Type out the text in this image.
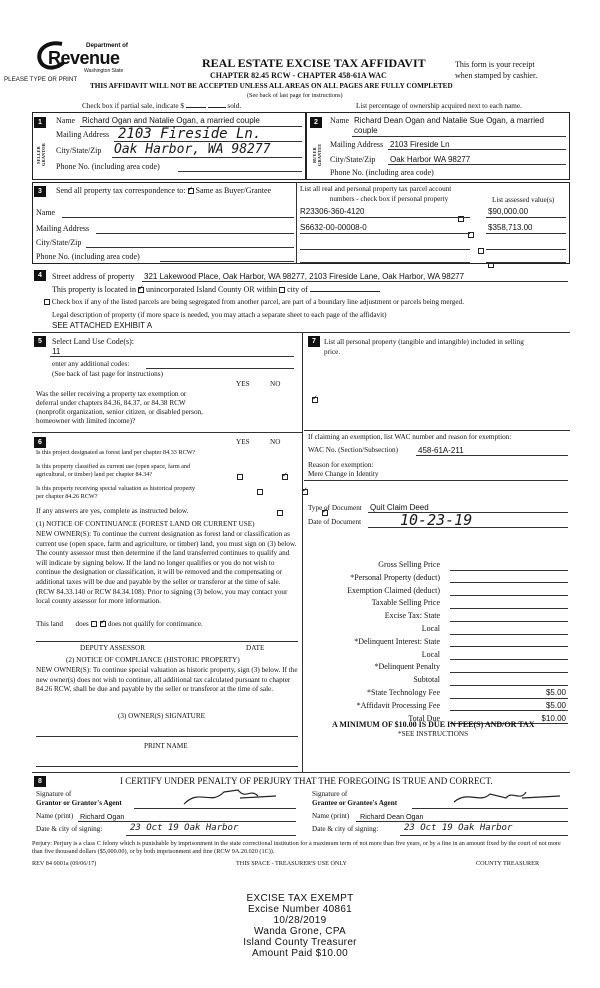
Department of
Revenue
Washington State
PLEASE TYPE OR PRINT
REAL ESTATE EXCISE TAX AFFIDAVIT
CHAPTER 82.45 RCW - CHAPTER 458-61A WAC
This form is your receipt
when stamped by cashier.
THIS AFFIDAVIT WILL NOT BE ACCEPTED UNLESS ALL AREAS ON ALL PAGES ARE FULLY COMPLETED
(See back of last page for instructions)
Check box if partial sale, indicate $	sold.	List percentage of ownership acquired next to each name.
1
SELLER GRANTOR
Name Richard Ogan and Natalie Ogan, a married couple
Mailing Address 2103 Fireside Ln.
City/State/Zip Oak Harbor, WA 98277
Phone No. (including area code)
2
BUYER GRANTEE
Name Richard Dean Ogan and Natalie Sue Ogan, a married
couple
Mailing Address 2103 Fireside Ln
City/State/Zip Oak Harbor WA 98277
Phone No. (including area code)
3	Send all property tax correspondence to: ✓ Same as Buyer/Grantee
Name
Mailing Address
City/State/Zip
Phone No. (including area code)
List all real and personal property tax parcel account
numbers - check box if personal property	List assessed value(s)
R23306-360-4120
	$90,000.00
S6632-00-00008-0
	$358,713.00

4	Street address of property 321 Lakewood Place, Oak Harbor, WA 98277, 2103 Fireside Lane, Oak Harbor, WA 98277
This property is located in ✓ unincorporated Island County OR within city of
Check box if any of the listed parcels are being segregated from another parcel, are part of a boundary line adjustment or parcels being merged.
Legal description of property (if more space is needed, you may attach a separate sheet to each page of the affidavit)
SEE ATTACHED EXHIBIT A
5	Select Land Use Code(s):
11
enter any additional codes:
(See back of last page for instructions)
YES	NO
Was the seller receiving a property tax exemption or
deferral under chapters 84.36, 84.37, or 84.38 RCW
(nonprofit organization, senior citizen, or disabled person,
homeowner with limited income)?
✓
7	List all personal property (tangible and intangible) included in selling
price.
If claiming an exemption, list WAC number and reason for exemption:
WAC No. (Section/Subsection) 458-61A-211
Reason for exemption:
Mere Change in Identity
Type of Document Quit Claim Deed
Date of Document	10-23-19
Gross Selling Price
*Personal Property (deduct)
Exemption Claimed (deduct)
Taxable Selling Price
Excise Tax: State
Local
*Delinquent Interest: State
Local
*Delinquent Penalty
Subtotal
*State Technology Fee	$5.00
*Affidavit Processing Fee	$5.00
Total Due	$10.00
A MINIMUM OF $10.00 IS DUE IN FEE(S) AND/OR TAX
*SEE INSTRUCTIONS
6	YES	NO
Is this project designated as forest land per chapter 84.33 RCW?
✓
Is this property classified as current use (open space, farm and
agricultural, or timber) land per chapter 84.34?
✓
Is this property receiving special valuation as historical property
per chapter 84.26 RCW?
✓
If any answers are yes, complete as instructed below.
(1) NOTICE OF CONTINUANCE (FOREST LAND OR CURRENT USE)
NEW OWNER(S): To continue the current designation as forest land or classification as current use (open space, farm and agriculture, or timber) land, you must sign on (3) below. The county assessor must then determine if the land transferred continues to qualify and will indicate by signing below. If the land no longer qualifies or you do not wish to continue the designation or classification, it will be removed and the compensating or additional taxes will be due and payable by the seller or transferor at the time of sale. (RCW 84.33.140 or RCW 84.34.108). Prior to signing (3) below, you may contact your local county assessor for more information.
This land does ✓	does not qualify for continuance.
DEPUTY ASSESSOR	DATE
(2) NOTICE OF COMPLIANCE (HISTORIC PROPERTY)
NEW OWNER(S): To continue special valuation as historic property, sign (3) below. If the new owner(s) does not wish to continue, all additional tax calculated pursuant to chapter 84.26 RCW, shall be due and payable by the seller or transferor at the time of sale.
(3) OWNER(S) SIGNATURE
PRINT NAME
8	I CERTIFY UNDER PENALTY OF PERJURY THAT THE FOREGOING IS TRUE AND CORRECT.
Signature of
Grantor or Grantor's Agent
Name (print) Richard Ogan
Date & city of signing:	23 Oct 19 Oak Harbor
Signature of
Grantee or Grantee's Agent
Name (print) Richard Dean Ogan
Date & city of signing:	23 Oct 19 Oak Harbor
Perjury: Perjury is a class C felony which is punishable by imprisonment in the state correctional institution for a maximum term of not more than five years, or by a fine in an amount fixed by the court of not more than five thousand dollars ($5,000.00), or by both imprisonment and fine (RCW 9A.20.020 (1C)).
REV 84 0001a (09/06/17)	THIS SPACE - TREASURER'S USE ONLY	COUNTY TREASURER
EXCISE TAX EXEMPT
Excise Number 40861
10/28/2019
Wanda Grone, CPA
Island County Treasurer
Amount Paid $10.00
